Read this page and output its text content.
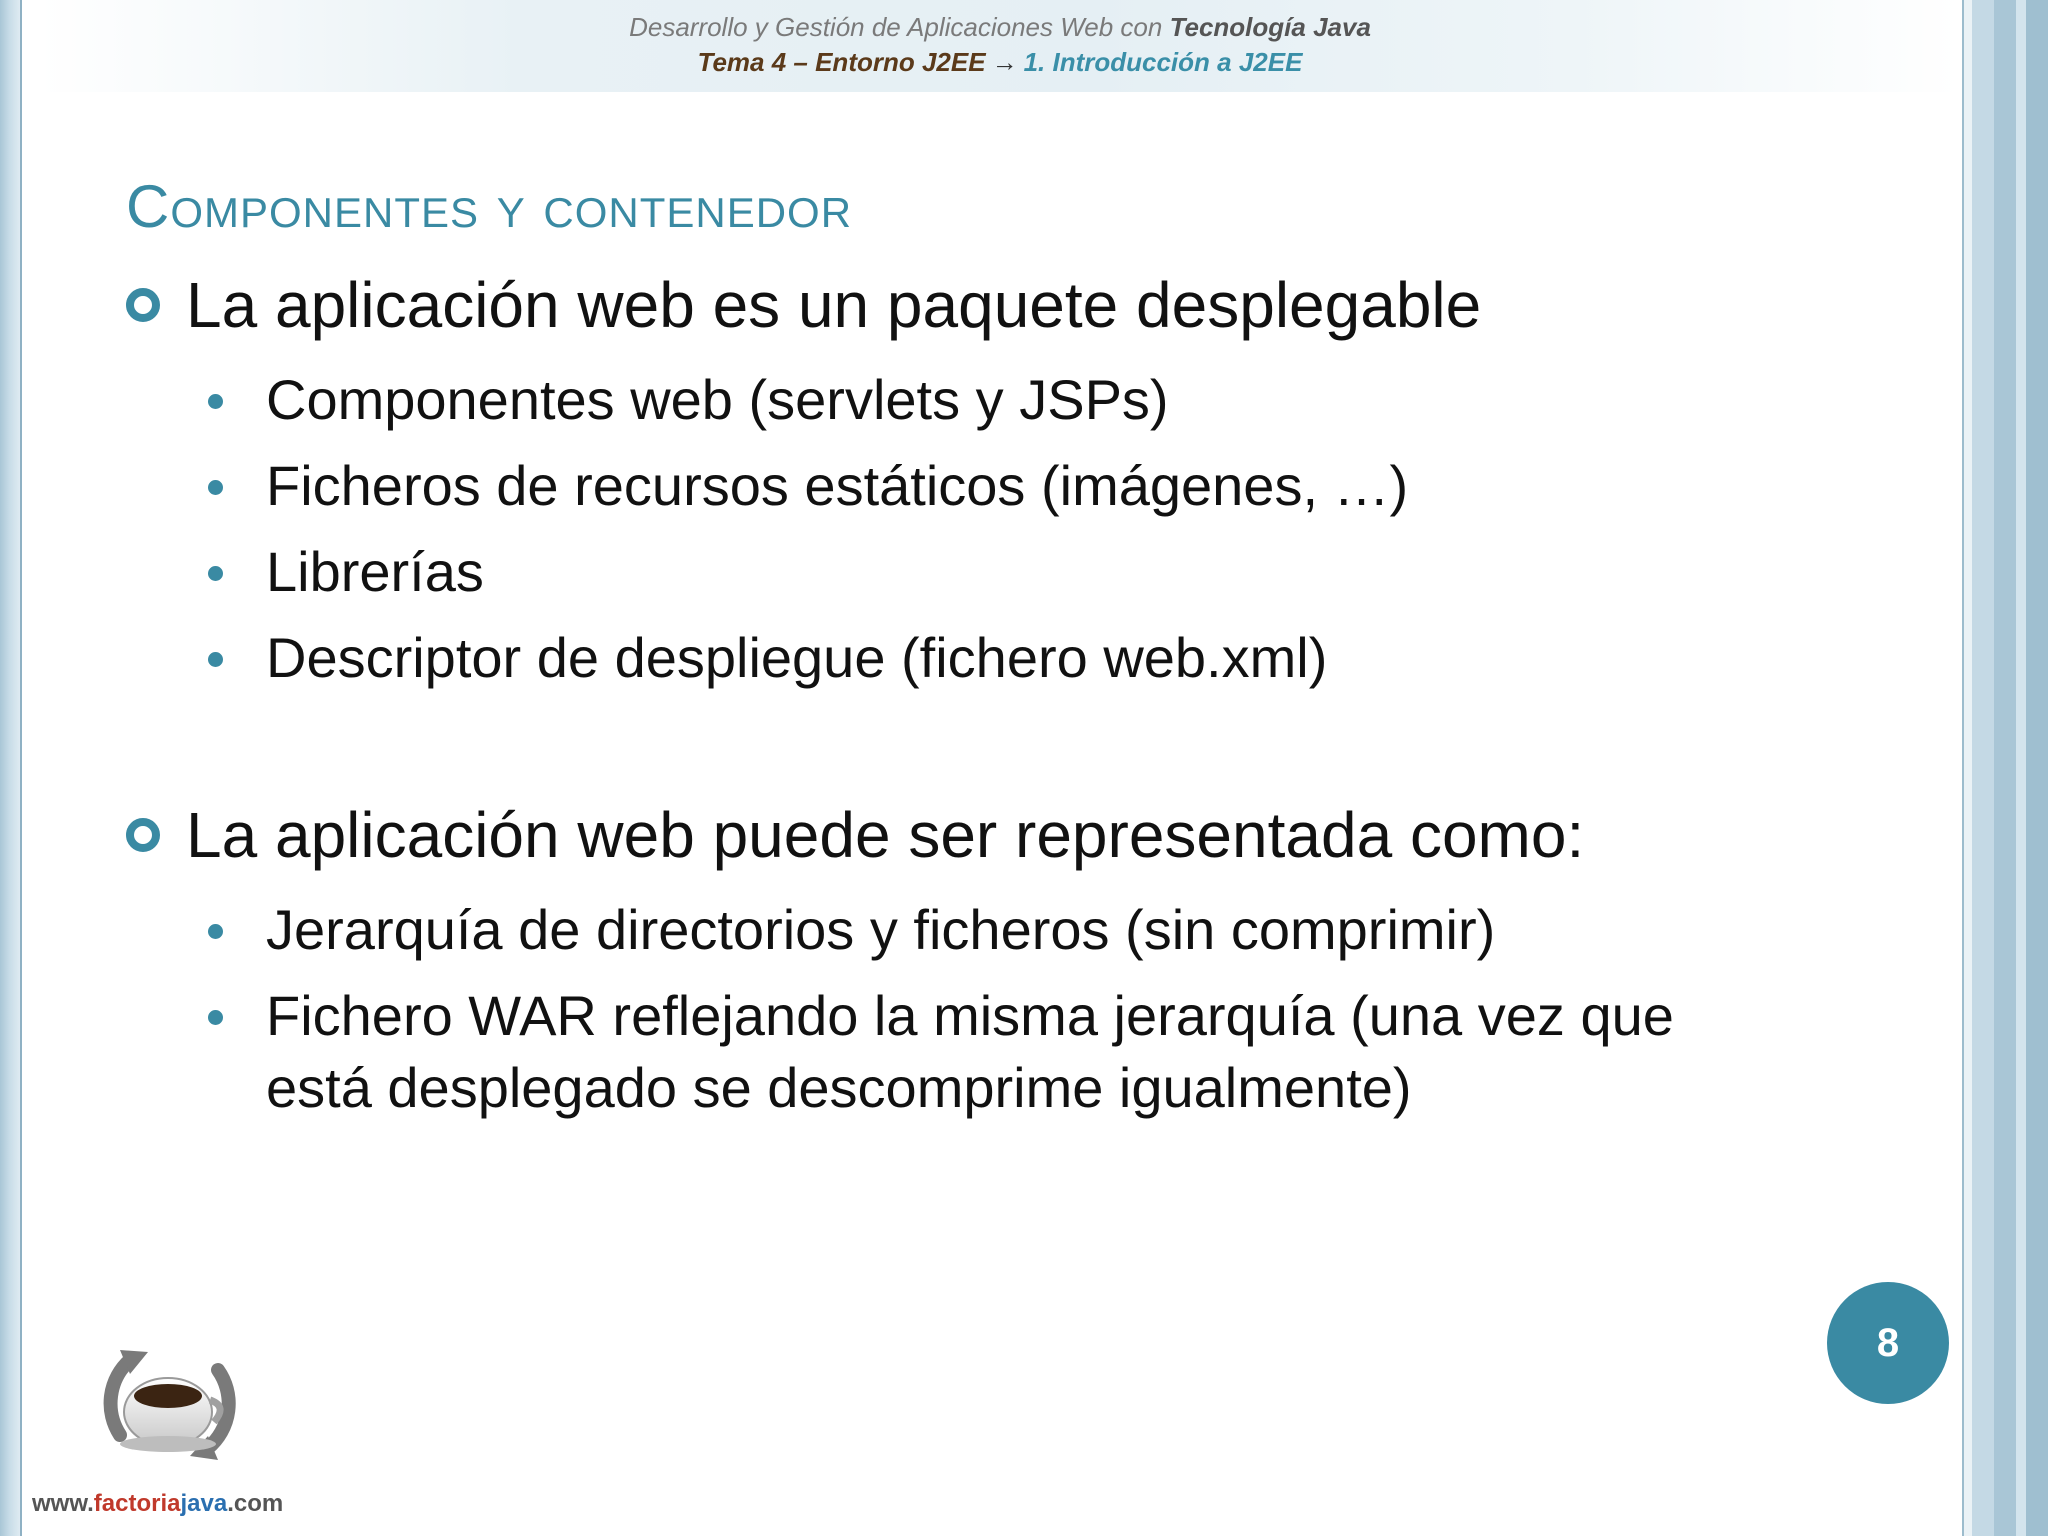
Desarrollo y Gestión de Aplicaciones Web con Tecnología Java
Tema 4 – Entorno J2EE → 1. Introducción a J2EE
Componentes y contenedor
La aplicación web es un paquete desplegable
Componentes web (servlets y JSPs)
Ficheros de recursos estáticos (imágenes, …)
Librerías
Descriptor de despliegue (fichero web.xml)
La aplicación web puede ser representada como:
Jerarquía de directorios y ficheros (sin comprimir)
Fichero WAR reflejando la misma jerarquía (una vez que está desplegado se descomprime igualmente)
8
www.factoriajava.com
